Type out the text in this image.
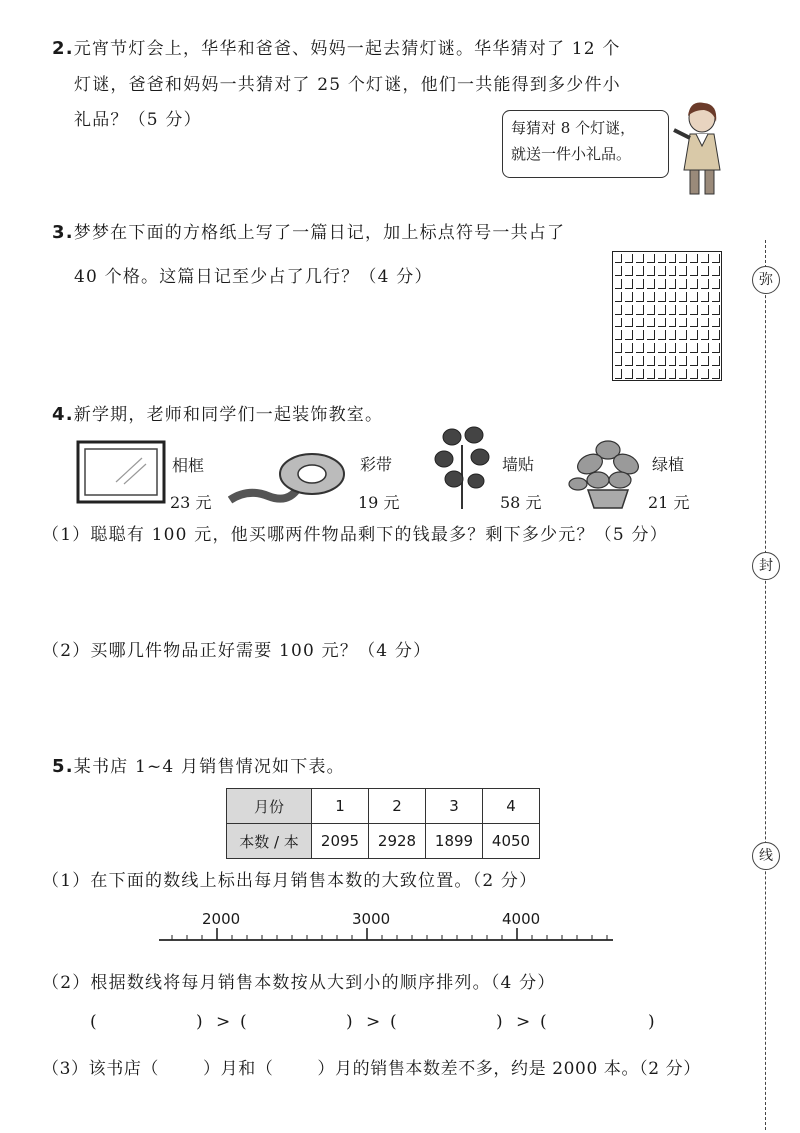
2.元宵节灯会上，华华和爸爸、妈妈一起去猜灯谜。华华猜对了 12 个
灯谜，爸爸和妈妈一共猜对了 25 个灯谜，他们一共能得到多少件小
礼品？（5 分）	每猜对 8 个灯谜，
就送一件小礼品。
3.梦梦在下面的方格纸上写了一篇日记，加上标点符号一共占了
40 个格。这篇日记至少占了几行？（4 分）	弥
封
线
4.新学期，老师和同学们一起装饰教室。
相框
23 元
彩带
19 元
墙贴
58 元
绿植
21 元
（1）聪聪有 100 元，他买哪两件物品剩下的钱最多？剩下多少元？（5 分）
（2）买哪几件物品正好需要 100 元？（4 分）
5.某书店 1~4 月销售情况如下表。
月份	1	2	3	4
本数 / 本	2095	2928	1899	4050
（1）在下面的数线上标出每月销售本数的大致位置。（2 分）
2000	3000	4000
（2）根据数线将每月销售本数按从大到小的顺序排列。（4 分）
(	) > (	) > (	) > (	)
（3）该书店（	）月和（	）月的销售本数差不多，约是 2000 本。（2 分）
